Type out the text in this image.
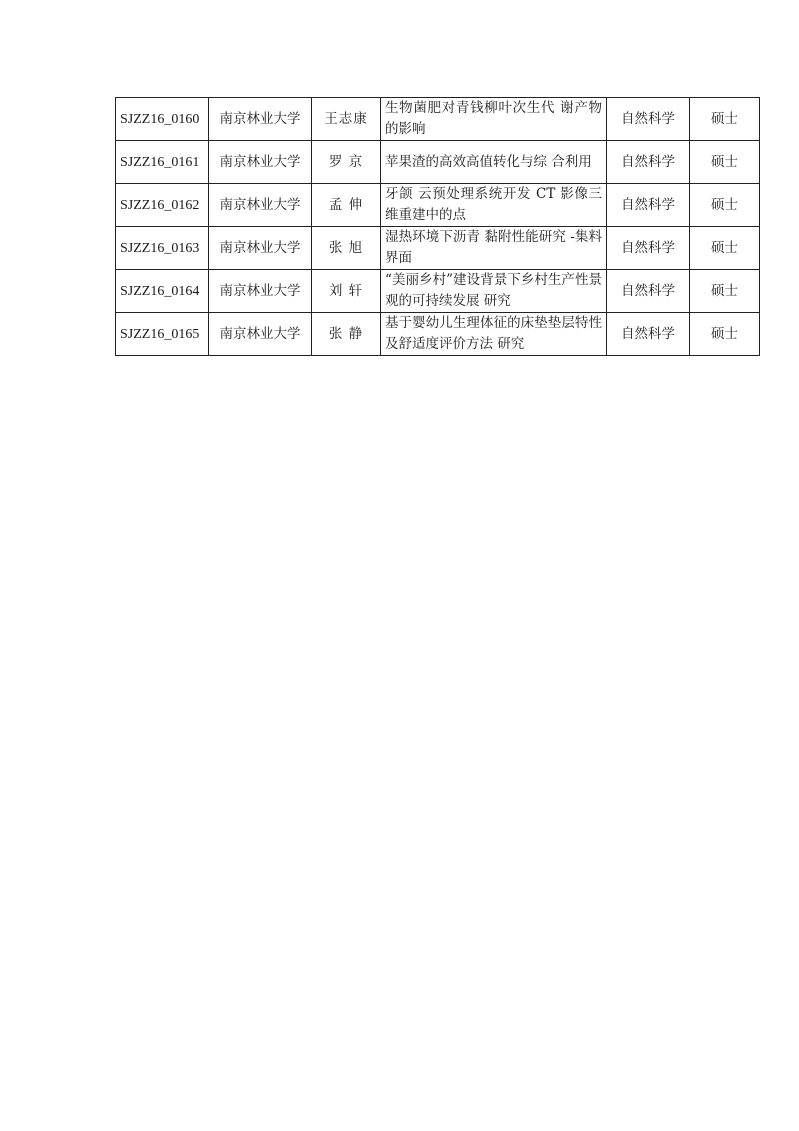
SJZZ16_0160	南京林业大学	王志康	生物菌肥对青钱柳叶次生代 谢产物的影响	自然科学	硕士
SJZZ16_0161	南京林业大学	罗 京	苹果渣的高效高值转化与综 合利用	自然科学	硕士
SJZZ16_0162	南京林业大学	孟 伸	牙颌 云预处理系统开发 CT 影像三维重建中的点	自然科学	硕士
SJZZ16_0163	南京林业大学	张 旭	湿热环境下沥青 黏附性能研究 -集料界面	自然科学	硕士
SJZZ16_0164	南京林业大学	刘 轩	“美丽乡村”建设背景下乡村生产性景观的可持续发展 研究	自然科学	硕士
SJZZ16_0165	南京林业大学	张 静	基于婴幼儿生理体征的床垫垫层特性及舒适度评价方法 研究	自然科学	硕士
